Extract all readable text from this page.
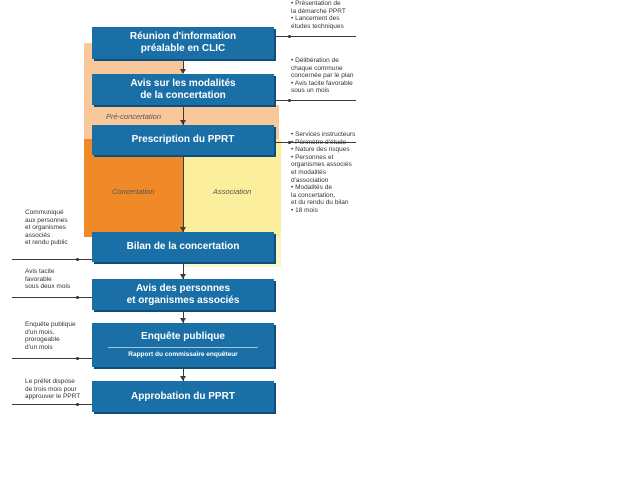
Pré-concertation
Concertation	Association
Réunion d'information
préalable en CLIC
Avis sur les modalités
de la concertation
Prescription du PPRT
Bilan de la concertation
Avis des personnes
et organismes associés
Enquête publique
Rapport du commissaire enquêteur
Approbation du PPRT
• Présentation de
la démarche PPRT
• Lancement des
études techniques
• Délibération de
chaque commune
concernée par le plan
• Avis tacite favorable
sous un mois
• Services instructeurs
• Périmètre d'étude
• Nature des risques
• Personnes et
organismes associés
et modalités
d'association
• Modalités de
la concertation,
et du rendu du bilan
• 18 mois
Communiqué
aux personnes
et organismes
associés
et rendu public
Avis tacite
favorable
sous deux mois
Enquête publique
d'un mois,
prorogeable
d'un mois
Le préfet dispose
de trois mois pour
approuver le PPRT
